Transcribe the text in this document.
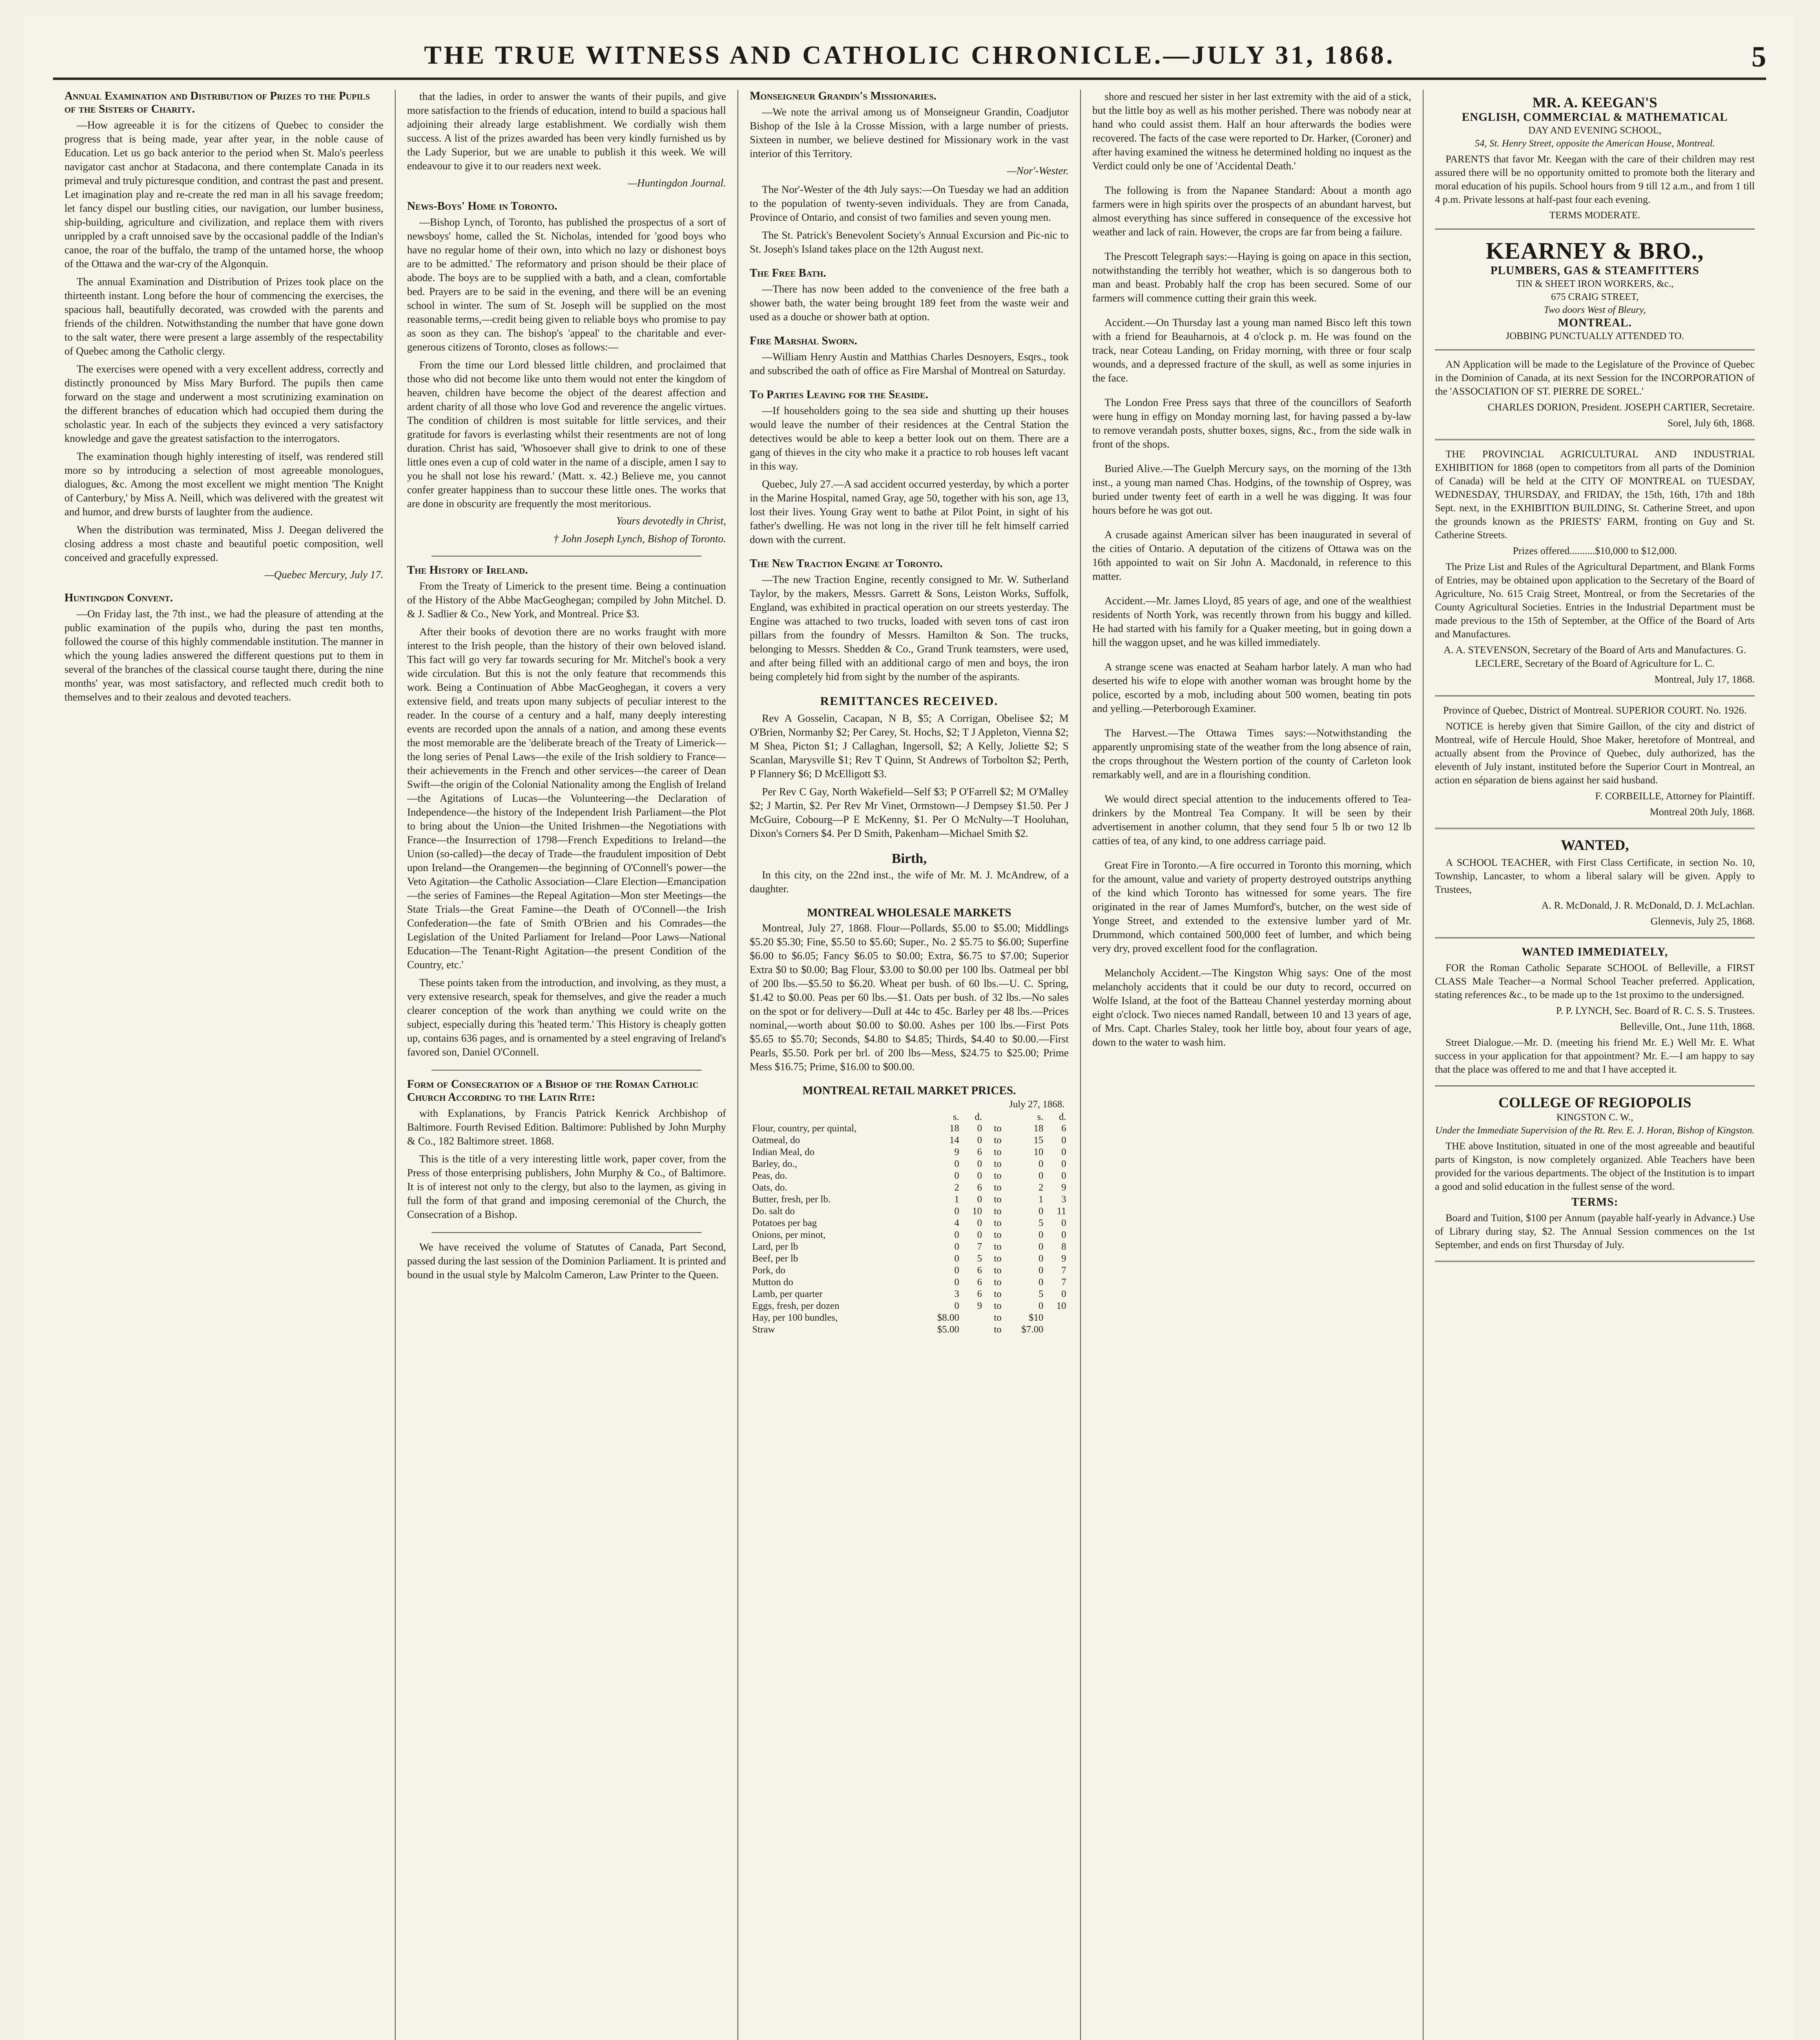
THE TRUE WITNESS AND CATHOLIC CHRONICLE.—JULY 31, 1868.	5
Annual Examination and Distribution of Prizes to the Pupils of the Sisters of Charity.

—How agreeable it is for the citizens of Quebec to consider the progress that is being made, year after year, in the noble cause of Education. Let us go back anterior to the period when St. Malo's peerless navigator cast anchor at Stadacona, and there contemplate Canada in its primeval and truly picturesque condition, and contrast the past and present. Let imagination play and re-create the red man in all his savage freedom; let fancy dispel our bustling cities, our navigation, our lumber business, ship-building, agriculture and civilization, and replace them with rivers unrippled by a craft unnoised save by the occasional paddle of the Indian's canoe, the roar of the buffalo, the tramp of the untamed horse, the whoop of the Ottawa and the war-cry of the Algonquin.

The annual Examination and Distribution of Prizes took place on the thirteenth instant. Long before the hour of commencing the exercises, the spacious hall, beautifully decorated, was crowded with the parents and friends of the children. Notwithstanding the number that have gone down to the salt water, there were present a large assembly of the respectability of Quebec among the Catholic clergy.

The exercises were opened with a very excellent address, correctly and distinctly pronounced by Miss Mary Burford. The pupils then came forward on the stage and underwent a most scrutinizing examination on the different branches of education which had occupied them during the scholastic year. In each of the subjects they evinced a very satisfactory knowledge and gave the greatest satisfaction to the interrogators.

The examination though highly interesting of itself, was rendered still more so by introducing a selection of most agreeable monologues, dialogues, &c. Among the most excellent we might mention 'The Knight of Canterbury,' by Miss A. Neill, which was delivered with the greatest wit and humor, and drew bursts of laughter from the audience.

When the distribution was terminated, Miss J. Deegan delivered the closing address a most chaste and beautiful poetic composition, well conceived and gracefully expressed.

—Quebec Mercury, July 17.
Huntingdon Convent.

—On Friday last, the 7th inst., we had the pleasure of attending at the public examination of the pupils who, during the past ten months, followed the course of this highly commendable institution. The manner in which the young ladies answered the different questions put to them in several of the branches of the classical course taught there, during the nine months' year, was most satisfactory, and reflected much credit both to themselves and to their zealous and devoted teachers.

that the ladies, in order to answer the wants of their pupils, and give more satisfaction to the friends of education, intend to build a spacious hall adjoining their already large establishment. We cordially wish them success. A list of the prizes awarded has been very kindly furnished us by the Lady Superior, but we are unable to publish it this week. We will endeavour to give it to our readers next week.

—Huntingdon Journal.
News-Boys' Home in Toronto.

—Bishop Lynch, of Toronto, has published the prospectus of a sort of newsboys' home, called the St. Nicholas, intended for 'good boys who have no regular home of their own, into which no lazy or dishonest boys are to be admitted.' The reformatory and prison should be their place of abode. The boys are to be supplied with a bath, and a clean, comfortable bed. Prayers are to be said in the evening, and there will be an evening school in winter. The sum of St. Joseph will be supplied on the most reasonable terms,—credit being given to reliable boys who promise to pay as soon as they can. The bishop's 'appeal' to the charitable and ever-generous citizens of Toronto, closes as follows:—

From the time our Lord blessed little children, and proclaimed that those who did not become like unto them would not enter the kingdom of heaven, children have become the object of the dearest affection and ardent charity of all those who love God and reverence the angelic virtues. The condition of children is most suitable for little services, and their gratitude for favors is everlasting whilst their resentments are not of long duration. Christ has said, 'Whosoever shall give to drink to one of these little ones even a cup of cold water in the name of a disciple, amen I say to you he shall not lose his reward.' (Matt. x. 42.) Believe me, you cannot confer greater happiness than to succour these little ones. The works that are done in obscurity are frequently the most meritorious.

Yours devotedly in Christ,
† John Joseph Lynch, Bishop of Toronto.
The History of Ireland.

From the Treaty of Limerick to the present time. Being a continuation of the History of the Abbe MacGeoghegan; compiled by John Mitchel. D. & J. Sadlier & Co., New York, and Montreal. Price $3.

After their books of devotion there are no works fraught with more interest to the Irish people, than the history of their own beloved island. This fact will go very far towards securing for Mr. Mitchel's book a very wide circulation. But this is not the only feature that recommends this work. Being a Continuation of Abbe MacGeoghegan, it covers a very extensive field, and treats upon many subjects of peculiar interest to the reader. In the course of a century and a half, many deeply interesting events are recorded upon the annals of a nation, and among these events the most memorable are the 'deliberate breach of the Treaty of Limerick—the long series of Penal Laws—the exile of the Irish soldiery to France—their achievements in the French and other services—the career of Dean Swift—the origin of the Colonial Nationality among the English of Ireland—the Agitations of Lucas—the Volunteering—the Declaration of Independence—the history of the Independent Irish Parliament—the Plot to bring about the Union—the United Irishmen—the Negotiations with France—the Insurrection of 1798—French Expeditions to Ireland—the Union (so-called)—the decay of Trade—the fraudulent imposition of Debt upon Ireland—the Orangemen—the beginning of O'Connell's power—the Veto Agitation—the Catholic Association—Clare Election—Emancipation—the series of Famines—the Repeal Agitation—Mon ster Meetings—the State Trials—the Great Famine—the Death of O'Connell—the Irish Confederation—the fate of Smith O'Brien and his Comrades—the Legislation of the United Parliament for Ireland—Poor Laws—National Education—The Tenant-Right Agitation—the present Condition of the Country, etc.'

These points taken from the introduction, and involving, as they must, a very extensive research, speak for themselves, and give the reader a much clearer conception of the work than anything we could write on the subject, especially during this 'heated term.' This History is cheaply gotten up, contains 636 pages, and is ornamented by a steel engraving of Ireland's favored son, Daniel O'Connell.

Form of Consecration of a Bishop of the Roman Catholic Church According to the Latin Rite:

with Explanations, by Francis Patrick Kenrick Archbishop of Baltimore. Fourth Revised Edition. Baltimore: Published by John Murphy & Co., 182 Baltimore street. 1868.

This is the title of a very interesting little work, paper cover, from the Press of those enterprising publishers, John Murphy & Co., of Baltimore. It is of interest not only to the clergy, but also to the laymen, as giving in full the form of that grand and imposing ceremonial of the Church, the Consecration of a Bishop.

We have received the volume of Statutes of Canada, Part Second, passed during the last session of the Dominion Parliament. It is printed and bound in the usual style by Malcolm Cameron, Law Printer to the Queen.

Monseigneur Grandin's Missionaries.

—We note the arrival among us of Monseigneur Grandin, Coadjutor Bishop of the Isle à la Crosse Mission, with a large number of priests. Sixteen in number, we believe destined for Missionary work in the vast interior of this Territory.

—Nor'-Wester.

The Nor'-Wester of the 4th July says:—On Tuesday we had an addition to the population of twenty-seven individuals. They are from Canada, Province of Ontario, and consist of two families and seven young men.

The St. Patrick's Benevolent Society's Annual Excursion and Pic-nic to St. Joseph's Island takes place on the 12th August next.

The Free Bath.

—There has now been added to the convenience of the free bath a shower bath, the water being brought 189 feet from the waste weir and used as a douche or shower bath at option.

Fire Marshal Sworn.

—William Henry Austin and Matthias Charles Desnoyers, Esqrs., took and subscribed the oath of office as Fire Marshal of Montreal on Saturday.

To Parties Leaving for the Seaside.

—If householders going to the sea side and shutting up their houses would leave the number of their residences at the Central Station the detectives would be able to keep a better look out on them. There are a gang of thieves in the city who make it a practice to rob houses left vacant in this way.

Quebec, July 27.—A sad accident occurred yesterday, by which a porter in the Marine Hospital, named Gray, age 50, together with his son, age 13, lost their lives. Young Gray went to bathe at Pilot Point, in sight of his father's dwelling. He was not long in the river till he felt himself carried down with the current.

The New Traction Engine at Toronto.

—The new Traction Engine, recently consigned to Mr. W. Sutherland Taylor, by the makers, Messrs. Garrett & Sons, Leiston Works, Suffolk, England, was exhibited in practical operation on our streets yesterday. The Engine was attached to two trucks, loaded with seven tons of cast iron pillars from the foundry of Messrs. Hamilton & Son. The trucks, belonging to Messrs. Shedden & Co., Grand Trunk teamsters, were used, and after being filled with an additional cargo of men and boys, the iron being completely hid from sight by the number of the aspirants.

REMITTANCES RECEIVED.

Rev A Gosselin, Cacapan, N B, $5; A Corrigan, Obelisee $2; M O'Brien, Normanby $2; Per Carey, St. Hochs, $2; T J Appleton, Vienna $2; M Shea, Picton $1; J Callaghan, Ingersoll, $2; A Kelly, Joliette $2; S Scanlan, Marysville $1; Rev T Quinn, St Andrews of Torbolton $2; Perth, P Flannery $6; D McElligott $3.

Per Rev C Gay, North Wakefield—Self $3; P O'Farrell $2; M O'Malley $2; J Martin, $2. Per Rev Mr Vinet, Ormstown—J Dempsey $1.50. Per J McGuire, Cobourg—P E McKenny, $1. Per O McNulty—T Hooluhan, Dixon's Corners $4. Per D Smith, Pakenham—Michael Smith $2.

Birth,

In this city, on the 22nd inst., the wife of Mr. M. J. McAndrew, of a daughter.

MONTREAL WHOLESALE MARKETS

Montreal, July 27, 1868. Flour—Pollards, $5.00 to $5.00; Middlings $5.20 $5.30; Fine, $5.50 to $5.60; Super., No. 2 $5.75 to $6.00; Superfine $6.00 to $6.05; Fancy $6.05 to $0.00; Extra, $6.75 to $7.00; Superior Extra $0 to $0.00; Bag Flour, $3.00 to $0.00 per 100 lbs. Oatmeal per bbl of 200 lbs.—$5.50 to $6.20. Wheat per bush. of 60 lbs.—U. C. Spring, $1.42 to $0.00. Peas per 60 lbs.—$1. Oats per bush. of 32 lbs.—No sales on the spot or for delivery—Dull at 44c to 45c. Barley per 48 lbs.—Prices nominal,—worth about $0.00 to $0.00. Ashes per 100 lbs.—First Pots $5.65 to $5.70; Seconds, $4.80 to $4.85; Thirds, $4.40 to $0.00.—First Pearls, $5.50. Pork per brl. of 200 lbs—Mess, $24.75 to $25.00; Prime Mess $16.75; Prime, $16.00 to $00.00.

MONTREAL RETAIL MARKET PRICES.
July 27, 1868.
	s.	d.		s.	d.
Flour, country, per quintal,	18	0	to	18	6
Oatmeal, do	14	0	to	15	0
Indian Meal, do	9	6	to	10	0
Barley, do.,	0	0	to	0	0
Peas, do.	0	0	to	0	0
Oats, do.	2	6	to	2	9
Butter, fresh, per lb.	1	0	to	1	3
Do. salt do	0	10	to	0	11
Potatoes per bag	4	0	to	5	0
Onions, per minot,	0	0	to	0	0
Lard, per lb	0	7	to	0	8
Beef, per lb	0	5	to	0	9
Pork, do	0	6	to	0	7
Mutton do	0	6	to	0	7
Lamb, per quarter	3	6	to	5	0
Eggs, fresh, per dozen	0	9	to	0	10
Hay, per 100 bundles,	$8.00		to	$10	
Straw	$5.00		to	$7.00	

shore and rescued her sister in her last extremity with the aid of a stick, but the little boy as well as his mother perished. There was nobody near at hand who could assist them. Half an hour afterwards the bodies were recovered. The facts of the case were reported to Dr. Harker, (Coroner) and after having examined the witness he determined holding no inquest as the Verdict could only be one of 'Accidental Death.'

The following is from the Napanee Standard: About a month ago farmers were in high spirits over the prospects of an abundant harvest, but almost everything has since suffered in consequence of the excessive hot weather and lack of rain. However, the crops are far from being a failure.

The Prescott Telegraph says:—Haying is going on apace in this section, notwithstanding the terribly hot weather, which is so dangerous both to man and beast. Probably half the crop has been secured. Some of our farmers will commence cutting their grain this week.

Accident.—On Thursday last a young man named Bisco left this town with a friend for Beauharnois, at 4 o'clock p. m. He was found on the track, near Coteau Landing, on Friday morning, with three or four scalp wounds, and a depressed fracture of the skull, as well as some injuries in the face.

The London Free Press says that three of the councillors of Seaforth were hung in effigy on Monday morning last, for having passed a by-law to remove verandah posts, shutter boxes, signs, &c., from the side walk in front of the shops.

Buried Alive.—The Guelph Mercury says, on the morning of the 13th inst., a young man named Chas. Hodgins, of the township of Osprey, was buried under twenty feet of earth in a well he was digging. It was four hours before he was got out.

A crusade against American silver has been inaugurated in several of the cities of Ontario. A deputation of the citizens of Ottawa was on the 16th appointed to wait on Sir John A. Macdonald, in reference to this matter.

Accident.—Mr. James Lloyd, 85 years of age, and one of the wealthiest residents of North York, was recently thrown from his buggy and killed. He had started with his family for a Quaker meeting, but in going down a hill the waggon upset, and he was killed immediately.

A strange scene was enacted at Seaham harbor lately. A man who had deserted his wife to elope with another woman was brought home by the police, escorted by a mob, including about 500 women, beating tin pots and yelling.—Peterborough Examiner.

The Harvest.—The Ottawa Times says:—Notwithstanding the apparently unpromising state of the weather from the long absence of rain, the crops throughout the Western portion of the county of Carleton look remarkably well, and are in a flourishing condition.

We would direct special attention to the inducements offered to Tea-drinkers by the Montreal Tea Company. It will be seen by their advertisement in another column, that they send four 5 lb or two 12 lb catties of tea, of any kind, to one address carriage paid.

Great Fire in Toronto.—A fire occurred in Toronto this morning, which for the amount, value and variety of property destroyed outstrips anything of the kind which Toronto has witnessed for some years. The fire originated in the rear of James Mumford's, butcher, on the west side of Yonge Street, and extended to the extensive lumber yard of Mr. Drummond, which contained 500,000 feet of lumber, and which being very dry, proved excellent food for the conflagration.

Melancholy Accident.—The Kingston Whig says: One of the most melancholy accidents that it could be our duty to record, occurred on Wolfe Island, at the foot of the Batteau Channel yesterday morning about eight o'clock. Two nieces named Randall, between 10 and 13 years of age, of Mrs. Capt. Charles Staley, took her little boy, about four years of age, down to the water to wash him.

MR. A. KEEGAN'S
ENGLISH, COMMERCIAL & MATHEMATICAL
DAY AND EVENING SCHOOL,
54, St. Henry Street, opposite the American House, Montreal.

PARENTS that favor Mr. Keegan with the care of their children may rest assured there will be no opportunity omitted to promote both the literary and moral education of his pupils. School hours from 9 till 12 a.m., and from 1 till 4 p.m. Private lessons at half-past four each evening.

TERMS MODERATE.
KEARNEY & BRO.,
PLUMBERS, GAS & STEAMFITTERS
TIN & SHEET IRON WORKERS, &c.,
675 CRAIG STREET,
Two doors West of Bleury,
MONTREAL.
JOBBING PUNCTUALLY ATTENDED TO.

AN Application will be made to the Legislature of the Province of Quebec in the Dominion of Canada, at its next Session for the INCORPORATION of the 'ASSOCIATION OF ST. PIERRE DE SOREL.'

CHARLES DORION, President. JOSEPH CARTIER, Secretaire.

Sorel, July 6th, 1868.

THE PROVINCIAL AGRICULTURAL AND INDUSTRIAL EXHIBITION for 1868 (open to competitors from all parts of the Dominion of Canada) will be held at the CITY OF MONTREAL on TUESDAY, WEDNESDAY, THURSDAY, and FRIDAY, the 15th, 16th, 17th and 18th Sept. next, in the EXHIBITION BUILDING, St. Catherine Street, and upon the grounds known as the PRIESTS' FARM, fronting on Guy and St. Catherine Streets.

Prizes offered..........$10,000 to $12,000.

The Prize List and Rules of the Agricultural Department, and Blank Forms of Entries, may be obtained upon application to the Secretary of the Board of Agriculture, No. 615 Craig Street, Montreal, or from the Secretaries of the County Agricultural Societies. Entries in the Industrial Department must be made previous to the 15th of September, at the Office of the Board of Arts and Manufactures.

A. A. STEVENSON, Secretary of the Board of Arts and Manufactures. G. LECLERE, Secretary of the Board of Agriculture for L. C.

Montreal, July 17, 1868.

Province of Quebec, District of Montreal. SUPERIOR COURT. No. 1926.

NOTICE is hereby given that Simire Gaillon, of the city and district of Montreal, wife of Hercule Hould, Shoe Maker, heretofore of Montreal, and actually absent from the Province of Quebec, duly authorized, has the eleventh of July instant, instituted before the Superior Court in Montreal, an action en séparation de biens against her said husband.

F. CORBEILLE, Attorney for Plaintiff.

Montreal 20th July, 1868.

WANTED,

A SCHOOL TEACHER, with First Class Certificate, in section No. 10, Township, Lancaster, to whom a liberal salary will be given. Apply to Trustees,

A. R. McDonald, J. R. McDonald, D. J. McLachlan.

Glennevis, July 25, 1868.

WANTED IMMEDIATELY,

FOR the Roman Catholic Separate SCHOOL of Belleville, a FIRST CLASS Male Teacher—a Normal School Teacher preferred. Application, stating references &c., to be made up to the 1st proximo to the undersigned.

P. P. LYNCH, Sec. Board of R. C. S. S. Trustees.

Belleville, Ont., June 11th, 1868.

Street Dialogue.—Mr. D. (meeting his friend Mr. E.) Well Mr. E. What success in your application for that appointment? Mr. E.—I am happy to say that the place was offered to me and that I have accepted it.

COLLEGE OF REGIOPOLIS
KINGSTON C. W.,
Under the Immediate Supervision of the Rt. Rev. E. J. Horan, Bishop of Kingston.

THE above Institution, situated in one of the most agreeable and beautiful parts of Kingston, is now completely organized. Able Teachers have been provided for the various departments. The object of the Institution is to impart a good and solid education in the fullest sense of the word.

TERMS:

Board and Tuition, $100 per Annum (payable half-yearly in Advance.) Use of Library during stay, $2. The Annual Session commences on the 1st September, and ends on first Thursday of July.
